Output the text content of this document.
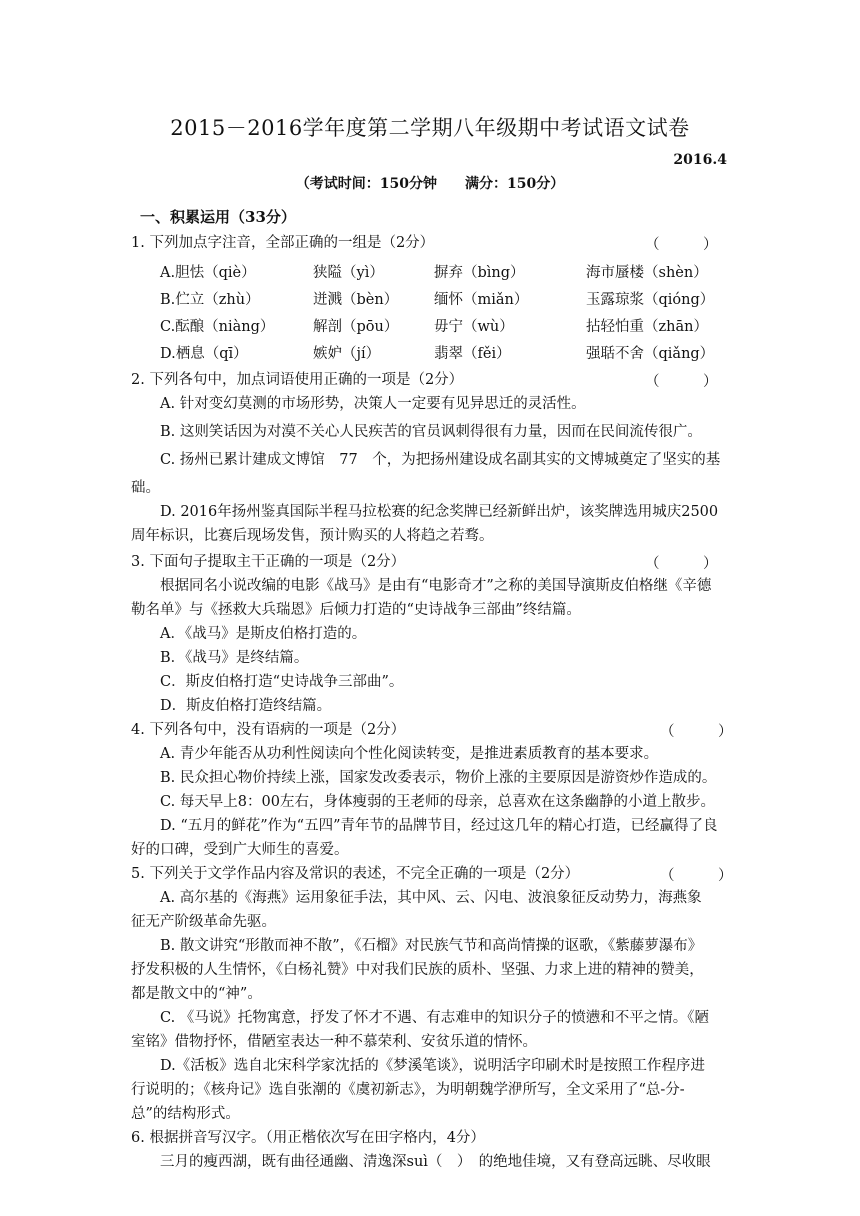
2015－2016学年度第二学期八年级期中考试语文试卷
2016.4
（考试时间：150分钟　　满分：150分）
一、积累运用（33分）
1. 下列加点字注音，全部正确的一组是（2分）	（　　　）
A.胆怯（qiè）	狭隘（yì）	摒弃（bìng）	海市蜃楼（shèn）
B.伫立（zhù）	迸溅（bèn） 缅怀（miǎn）	玉露琼浆（qióng）
C.酝酿（niàng）	解剖（pōu） 毋宁（wù）	拈轻怕重（zhān）
D.栖息（qī）	嫉妒（jí）	翡翠（fěi）	强聒不舍（qiǎng）
2. 下列各句中，加点词语使用正确的一项是（2分）	（　　　）
A. 针对变幻莫测的市场形势，决策人一定要有见异思迁的灵活性。
B. 这则笑话因为对漠不关心人民疾苦的官员讽刺得很有力量，因而在民间流传很广。
C. 扬州已累计建成文博馆　77　个，为把扬州建设成名副其实的文博城奠定了坚实的基
础。
D. 2016年扬州鉴真国际半程马拉松赛的纪念奖牌已经新鲜出炉，该奖牌选用城庆2500
周年标识，比赛后现场发售，预计购买的人将趋之若骛。
3. 下面句子提取主干正确的一项是（2分）	（　　　）
根据同名小说改编的电影《战马》是由有“电影奇才”之称的美国导演斯皮伯格继《辛德
勒名单》与《拯救大兵瑞恩》后倾力打造的“史诗战争三部曲”终结篇。
A．《战马》是斯皮伯格打造的。
B．《战马》是终结篇。
C．斯皮伯格打造“史诗战争三部曲”。
D．斯皮伯格打造终结篇。
4. 下列各句中，没有语病的一项是（2分）	（　　　）
A. 青少年能否从功利性阅读向个性化阅读转变，是推进素质教育的基本要求。
B. 民众担心物价持续上涨，国家发改委表示，物价上涨的主要原因是游资炒作造成的。
C. 每天早上8：00左右，身体瘦弱的王老师的母亲，总喜欢在这条幽静的小道上散步。
D. “五月的鲜花”作为“五四”青年节的品牌节目，经过这几年的精心打造，已经赢得了良
好的口碑，受到广大师生的喜爱。
5. 下列关于文学作品内容及常识的表述，不完全正确的一项是（2分）	（　　　）
A. 高尔基的《海燕》运用象征手法，其中风、云、闪电、波浪象征反动势力，海燕象
征无产阶级革命先驱。
B. 散文讲究“形散而神不散”，《石榴》对民族气节和高尚情操的讴歌，《紫藤萝瀑布》
抒发积极的人生情怀，《白杨礼赞》中对我们民族的质朴、坚强、力求上进的精神的赞美，
都是散文中的“神”。
C. 《马说》托物寓意，抒发了怀才不遇、有志难申的知识分子的愤懑和不平之情。《陋
室铭》借物抒怀，借陋室表达一种不慕荣利、安贫乐道的情怀。
D.《活板》选自北宋科学家沈括的《梦溪笔谈》，说明活字印刷术时是按照工作程序进
行说明的；《核舟记》选自张潮的《虞初新志》，为明朝魏学洢所写，全文采用了“总-分-
总”的结构形式。
6. 根据拼音写汉字。（用正楷依次写在田字格内，4分）
三月的瘦西湖，既有曲径通幽、清逸深suì（　）　的绝地佳境，又有登高远眺、尽收眼
